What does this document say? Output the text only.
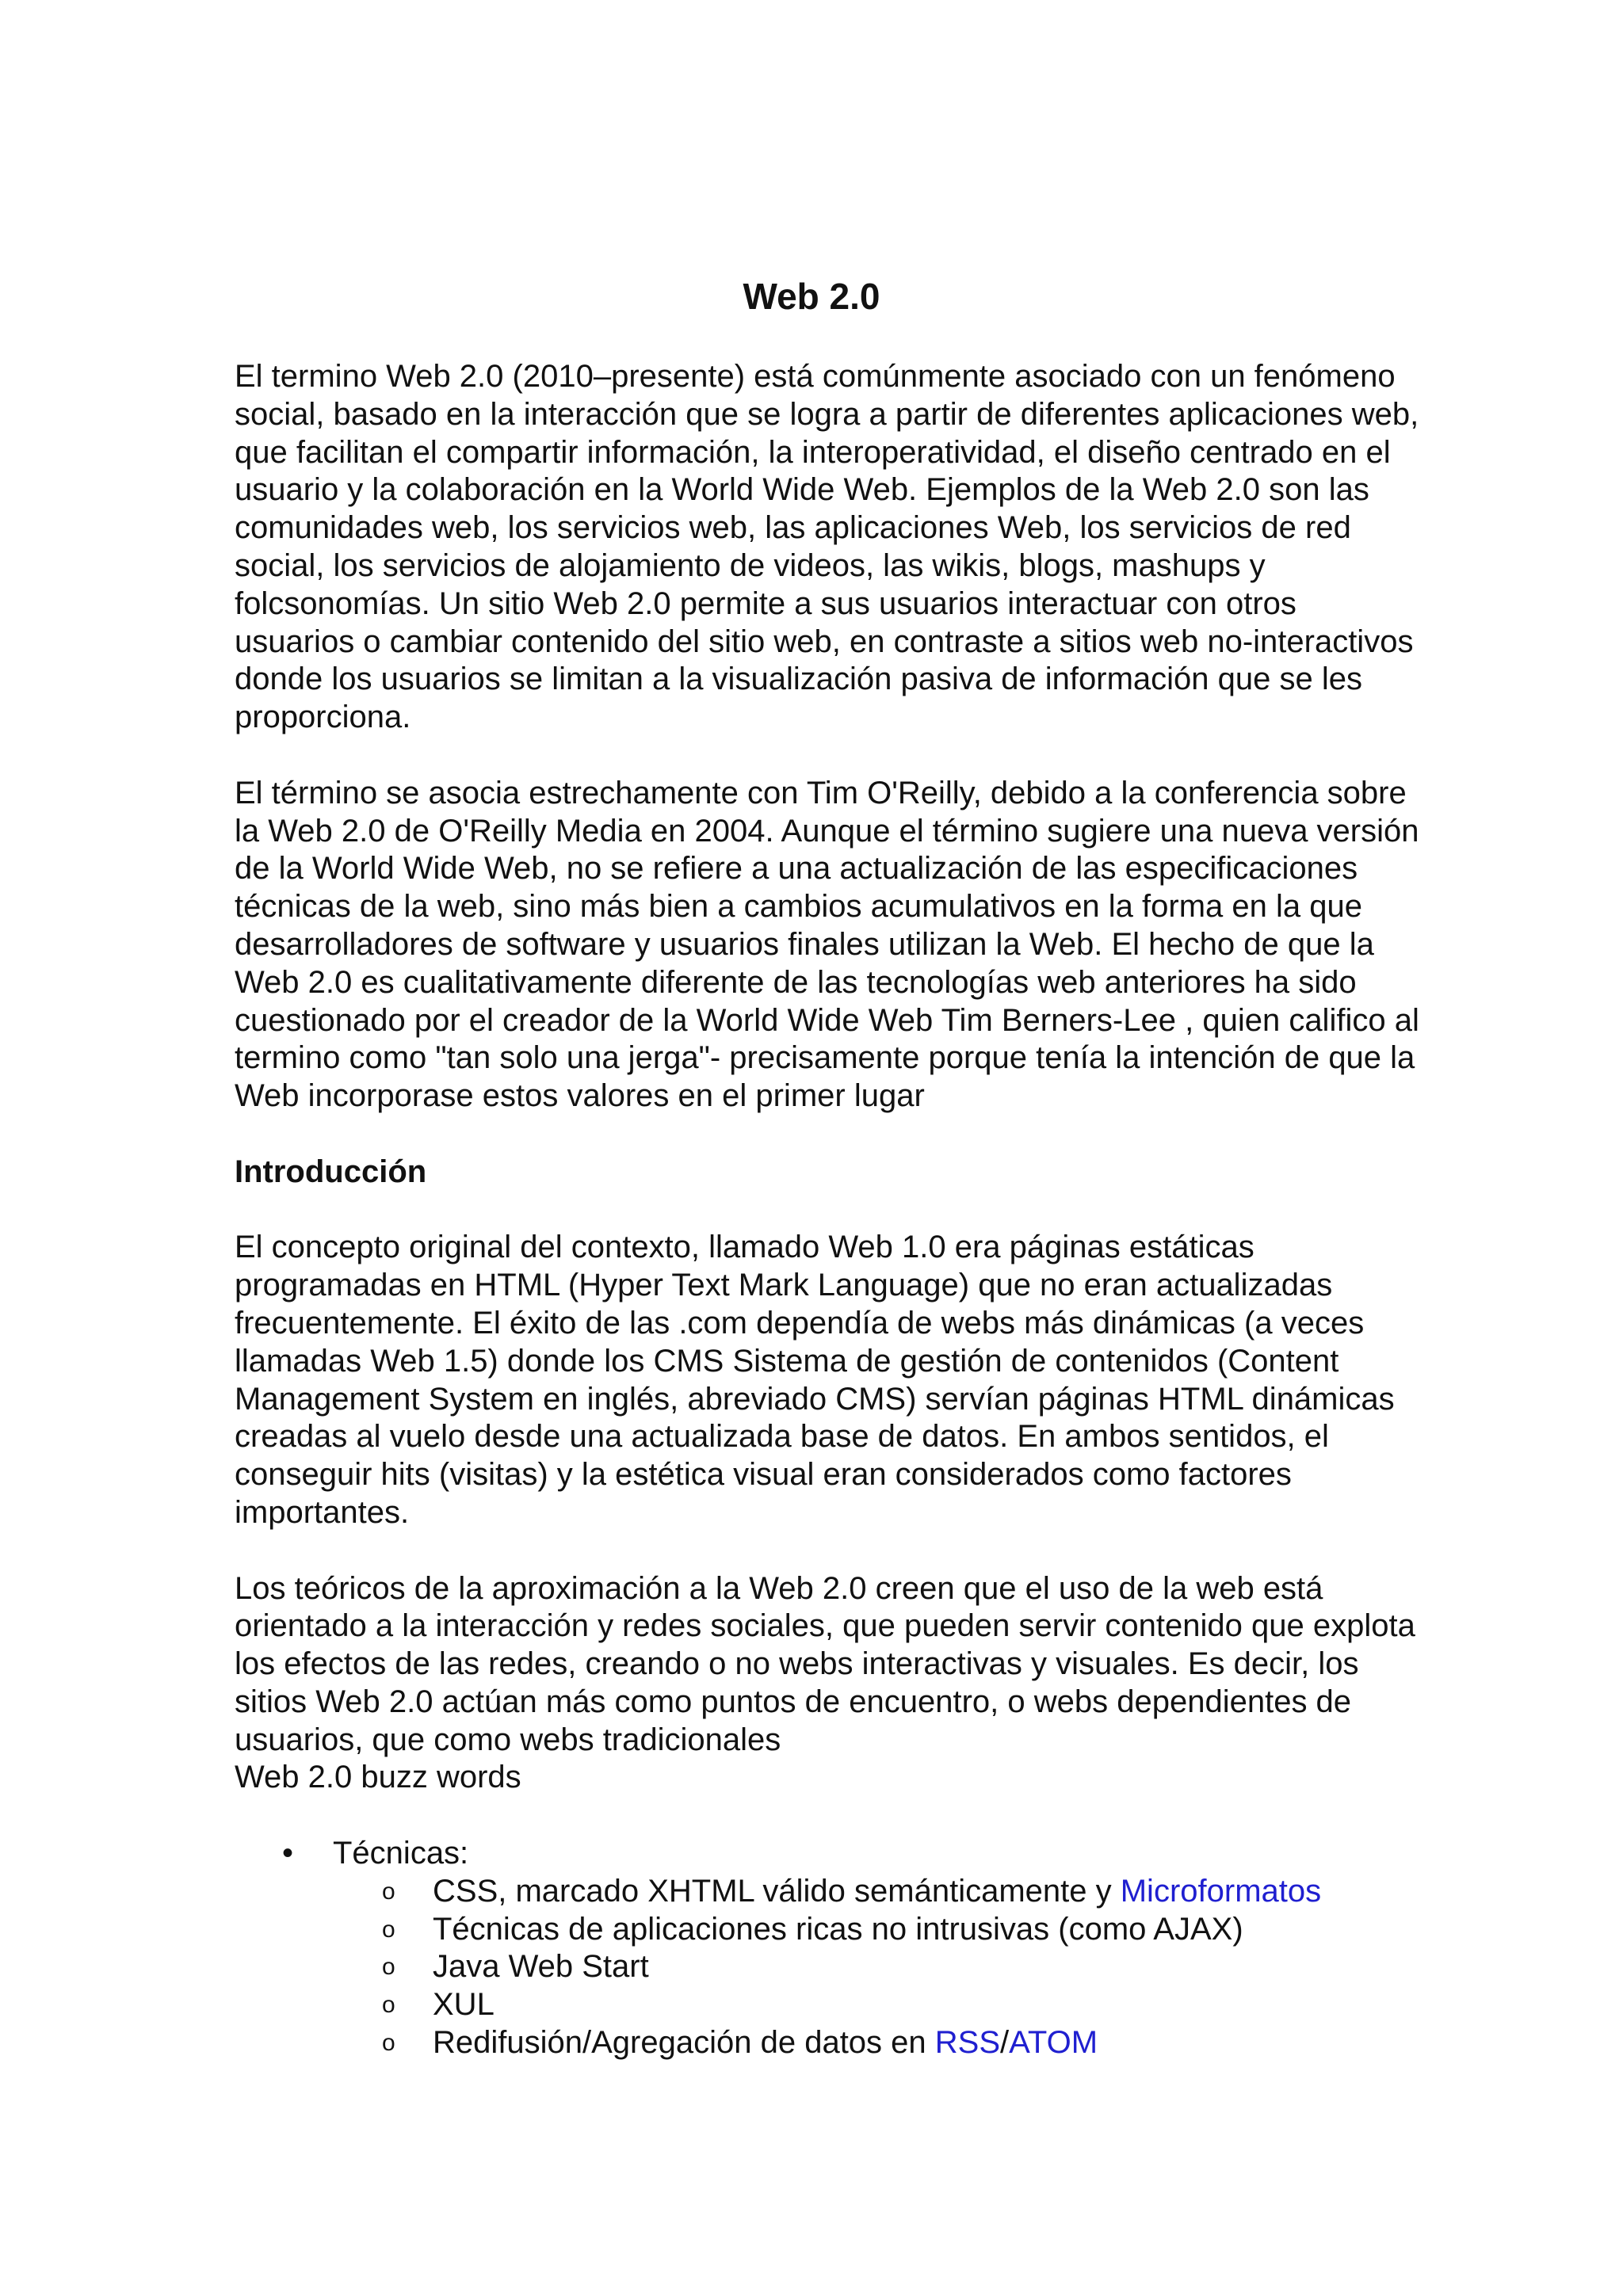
Web 2.0

El termino Web 2.0 (2010–presente) está comúnmente asociado con un fenómeno social, basado en la interacción que se logra a partir de diferentes aplicaciones web, que facilitan el compartir información, la interoperatividad, el diseño centrado en el usuario y la colaboración en la World Wide Web. Ejemplos de la Web 2.0 son las comunidades web, los servicios web, las aplicaciones Web, los servicios de red social, los servicios de alojamiento de videos, las wikis, blogs, mashups y folcsonomías. Un sitio Web 2.0 permite a sus usuarios interactuar con otros usuarios o cambiar contenido del sitio web, en contraste a sitios web no-interactivos donde los usuarios se limitan a la visualización pasiva de información que se les proporciona.

El término se asocia estrechamente con Tim O'Reilly, debido a la conferencia sobre la Web 2.0 de O'Reilly Media en 2004. Aunque el término sugiere una nueva versión de la World Wide Web, no se refiere a una actualización de las especificaciones técnicas de la web, sino más bien a cambios acumulativos en la forma en la que desarrolladores de software y usuarios finales utilizan la Web. El hecho de que la Web 2.0 es cualitativamente diferente de las tecnologías web anteriores ha sido cuestionado por el creador de la World Wide Web Tim Berners-Lee , quien califico al termino como "tan solo una jerga"- precisamente porque tenía la intención de que la Web incorporase estos valores en el primer lugar

Introducción

El concepto original del contexto, llamado Web 1.0 era páginas estáticas programadas en HTML (Hyper Text Mark Language) que no eran actualizadas frecuentemente. El éxito de las .com dependía de webs más dinámicas (a veces llamadas Web 1.5) donde los CMS Sistema de gestión de contenidos (Content Management System en inglés, abreviado CMS) servían páginas HTML dinámicas creadas al vuelo desde una actualizada base de datos. En ambos sentidos, el conseguir hits (visitas) y la estética visual eran considerados como factores importantes.

Los teóricos de la aproximación a la Web 2.0 creen que el uso de la web está orientado a la interacción y redes sociales, que pueden servir contenido que explota los efectos de las redes, creando o no webs interactivas y visuales. Es decir, los sitios Web 2.0 actúan más como puntos de encuentro, o webs dependientes de usuarios, que como webs tradicionales

Web 2.0 buzz words

• Técnicas:
o CSS, marcado XHTML válido semánticamente y Microformatos
o Técnicas de aplicaciones ricas no intrusivas (como AJAX)
o Java Web Start
o XUL
o Redifusión/Agregación de datos en RSS/ATOM
